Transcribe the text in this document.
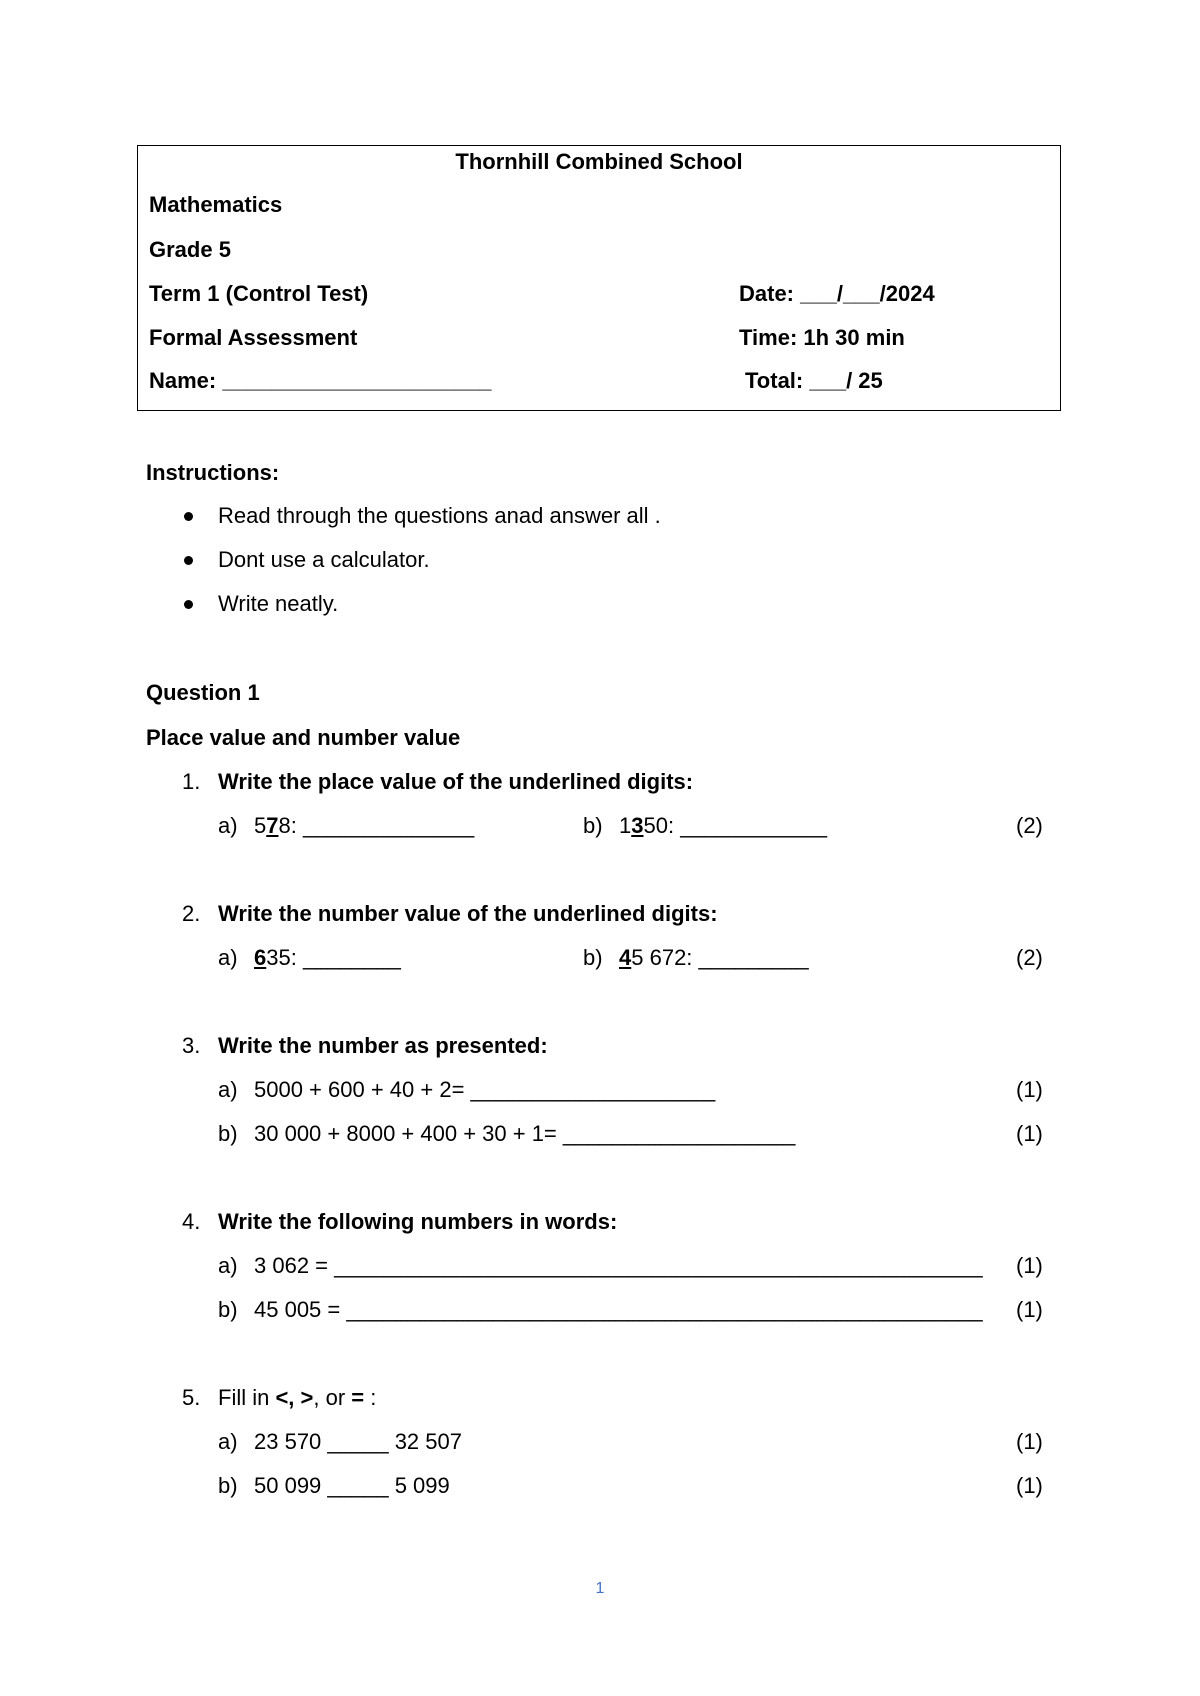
Thornhill Combined School
Mathematics
Grade 5
Term 1 (Control Test)
Formal Assessment
Name: ______________________
Date: ___/___/2024
Time: 1h 30 min
Total: ___/ 25
Instructions:
Read through the questions anad answer all .
Dont use a calculator.
Write neatly.
Question 1
Place value and number value
1. Write the place value of the underlined digits:
a) 578: ______________	b) 1350: ____________	(2)
2. Write the number value of the underlined digits:
a) 635: ________	b) 45 672: _________	(2)
3. Write the number as presented:
a) 5000 + 600 + 40 + 2= ____________________	(1)
b) 30 000 + 8000 + 400 + 30 + 1= ___________________	(1)
4. Write the following numbers in words:
a) 3 062 = _____________________________________________________ (1)
b) 45 005 = ____________________________________________________ (1)
5. Fill in <, >, or = :
a) 23 570 _____ 32 507	(1)
b) 50 099 _____ 5 099	(1)
1
